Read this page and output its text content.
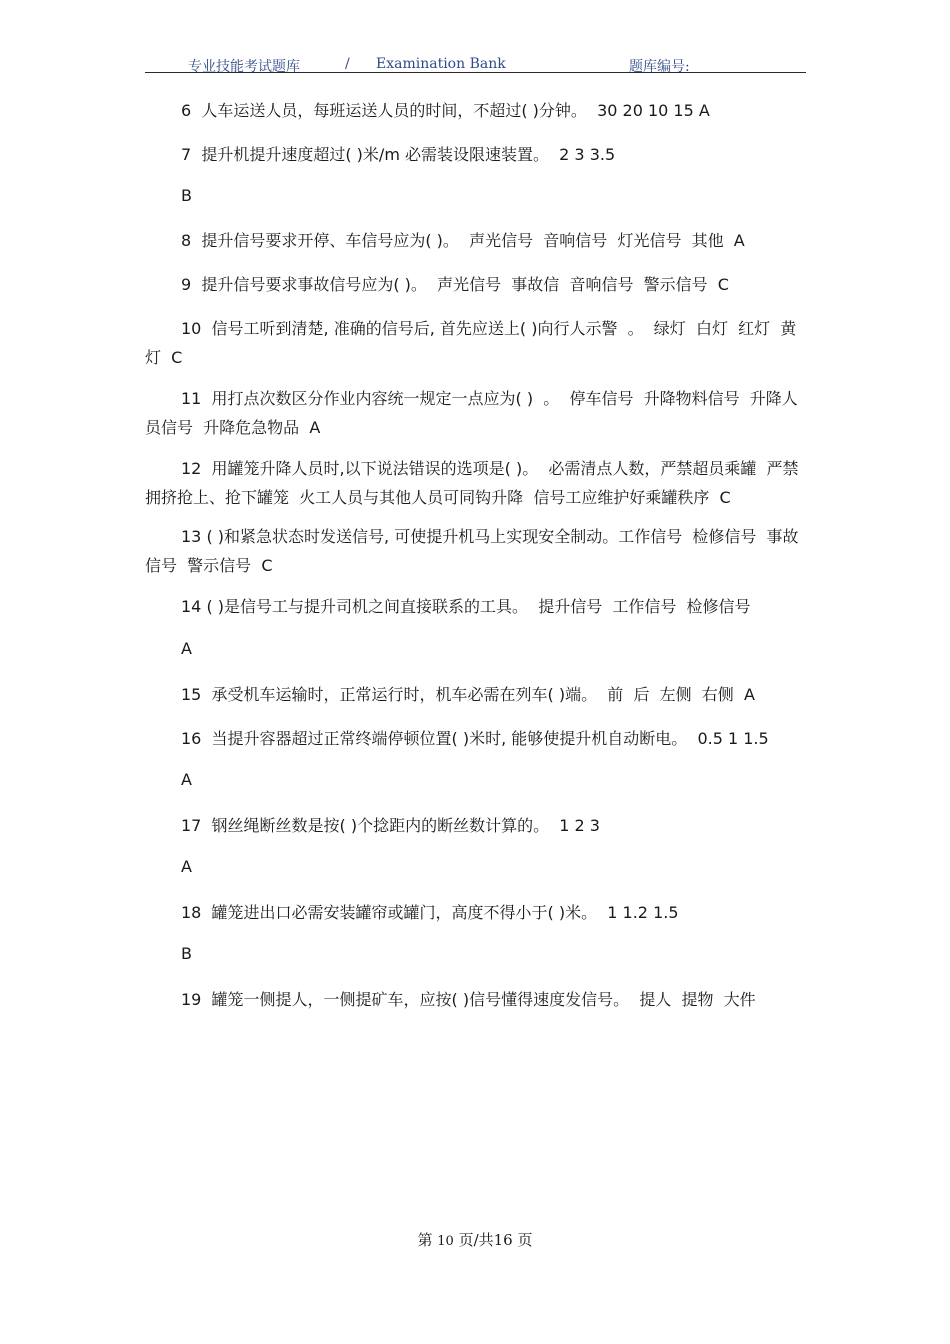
专业技能考试题库	/ Examination Bank	题库编号:

6  人车运送人员，每班运送人员的时间，不超过( )分钟。  30 20 10 15 A

7  提升机提升速度超过( )米/m 必需装设限速装置。  2 3 3.5

B

8  提升信号要求开停、车信号应为( )。  声光信号  音响信号  灯光信号  其他  A

9  提升信号要求事故信号应为( )。  声光信号  事故信  音响信号  警示信号  C

10  信号工听到清楚, 准确的信号后, 首先应送上( )向行人示警  。  绿灯  白灯  红灯  黄灯  C

11  用打点次数区分作业内容统一规定一点应为( )  。  停车信号  升降物料信号  升降人员信号  升降危急物品  A

12  用罐笼升降人员时,以下说法错误的选项是( )。  必需清点人数，严禁超员乘罐  严禁拥挤抢上、抢下罐笼  火工人员与其他人员可同钩升降  信号工应维护好乘罐秩序  C

13 ( )和紧急状态时发送信号, 可使提升机马上实现安全制动。工作信号  检修信号  事故信号  警示信号  C

14 ( )是信号工与提升司机之间直接联系的工具。  提升信号  工作信号  检修信号

A

15  承受机车运输时，正常运行时，机车必需在列车( )端。  前  后  左侧  右侧  A

16  当提升容器超过正常终端停顿位置( )米时, 能够使提升机自动断电。  0.5 1 1.5

A

17  钢丝绳断丝数是按( )个捻距内的断丝数计算的。  1 2 3

A

18  罐笼进出口必需安装罐帘或罐门，高度不得小于( )米。  1 1.2 1.5

B

19  罐笼一侧提人，一侧提矿车，应按( )信号懂得速度发信号。  提人  提物  大件

第 10 页/共16 页
